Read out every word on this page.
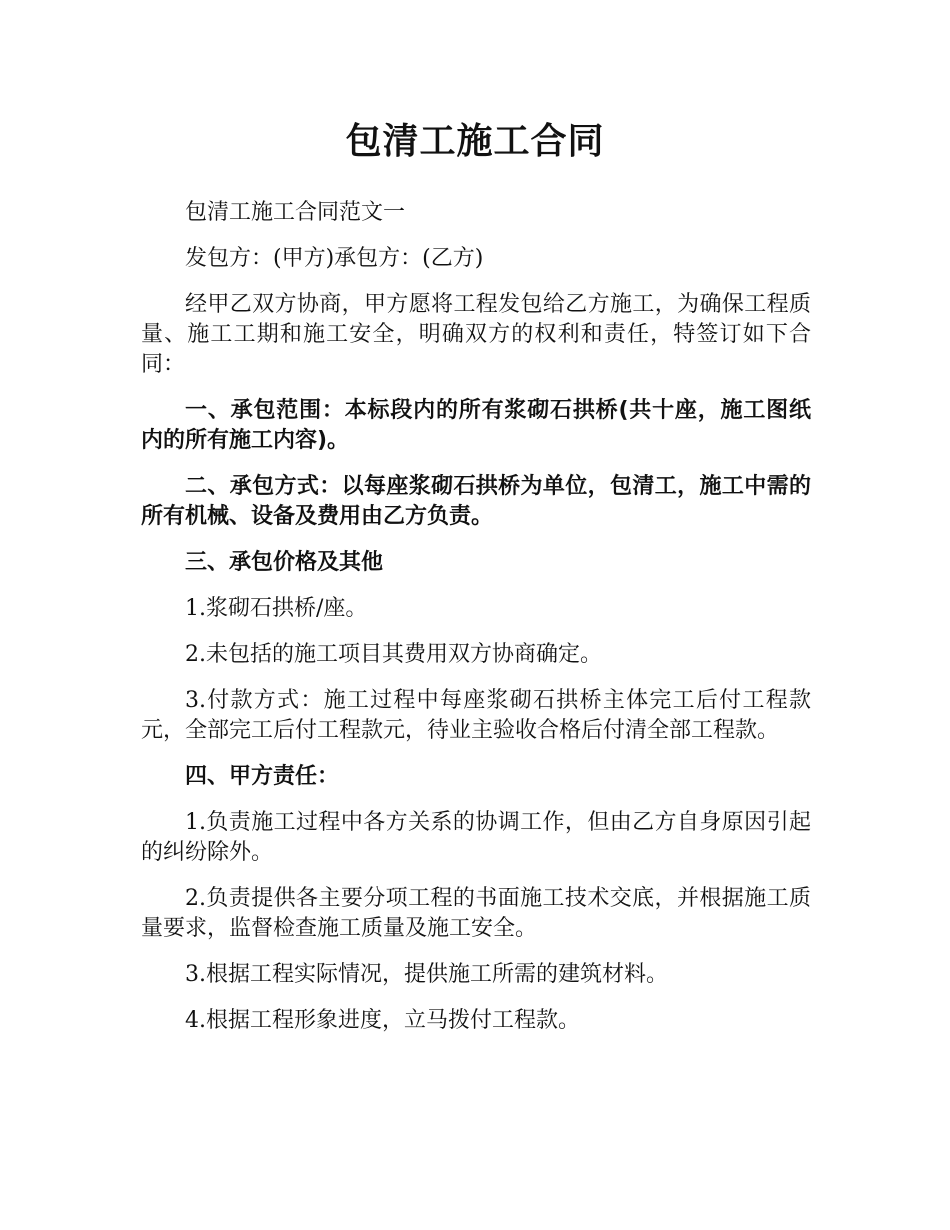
包清工施工合同

包清工施工合同范文一

发包方：(甲方)承包方：(乙方)

经甲乙双方协商，甲方愿将工程发包给乙方施工，为确保工程质量、施工工期和施工安全，明确双方的权利和责任，特签订如下合同：

一、承包范围：本标段内的所有浆砌石拱桥(共十座，施工图纸内的所有施工内容)。

二、承包方式：以每座浆砌石拱桥为单位，包清工，施工中需的所有机械、设备及费用由乙方负责。

三、承包价格及其他

1.浆砌石拱桥/座。

2.未包括的施工项目其费用双方协商确定。

3.付款方式：施工过程中每座浆砌石拱桥主体完工后付工程款元，全部完工后付工程款元，待业主验收合格后付清全部工程款。

四、甲方责任：

1.负责施工过程中各方关系的协调工作，但由乙方自身原因引起的纠纷除外。

2.负责提供各主要分项工程的书面施工技术交底，并根据施工质量要求，监督检查施工质量及施工安全。

3.根据工程实际情况，提供施工所需的建筑材料。

4.根据工程形象进度，立马拨付工程款。
